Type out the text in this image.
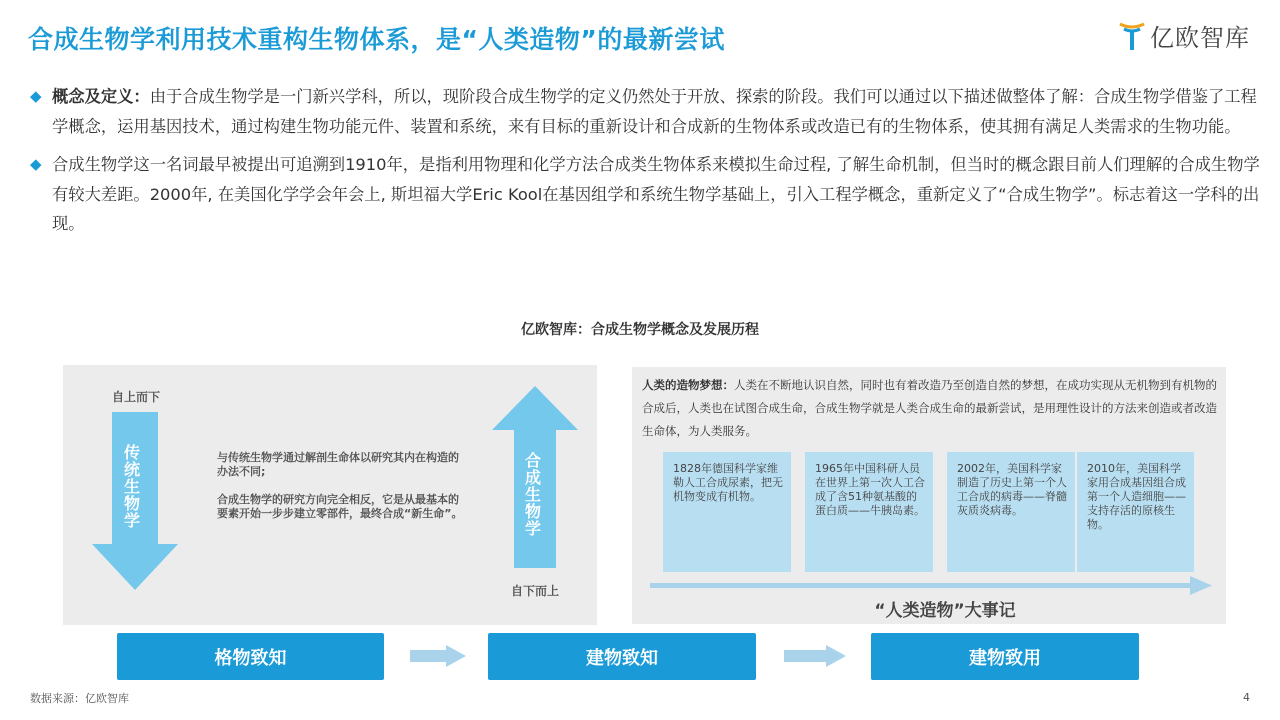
合成生物学利用技术重构生物体系，是“人类造物”的最新尝试	亿欧智库
◆ 概念及定义：由于合成生物学是一门新兴学科，所以，现阶段合成生物学的定义仍然处于开放、探索的阶段。我们可以通过以下描述做整体了解：合成生物学借鉴了工程学概念，运用基因技术，通过构建生物功能元件、装置和系统，来有目标的重新设计和合成新的生物体系或改造已有的生物体系，使其拥有满足人类需求的生物功能。
◆ 合成生物学这一名词最早被提出可追溯到1910年，是指利用物理和化学方法合成类生物体系来模拟生命过程, 了解生命机制，但当时的概念跟目前人们理解的合成生物学有较大差距。2000年, 在美国化学学会年会上, 斯坦福大学Eric Kool在基因组学和系统生物学基础上，引入工程学概念，重新定义了“合成生物学”。标志着这一学科的出现。
亿欧智库：合成生物学概念及发展历程
自上而下
传统生物学

与传统生物学通过解剖生命体以研究其内在构造的办法不同;

合成生物学的研究方向完全相反，它是从最基本的要素开始一步步建立零部件，最终合成“新生命”。

合成生物学
自下而上
人类的造物梦想：人类在不断地认识自然，同时也有着改造乃至创造自然的梦想，在成功实现从无机物到有机物的合成后，人类也在试图合成生命，合成生物学就是人类合成生命的最新尝试，是用理性设计的方法来创造或者改造生命体，为人类服务。
1828年德国科学家维勒人工合成尿素，把无机物变成有机物。
1965年中国科研人员在世界上第一次人工合成了含51种氨基酸的蛋白质——牛胰岛素。
2002年，美国科学家制造了历史上第一个人工合成的病毒——脊髓灰质炎病毒。
2010年，美国科学家用合成基因组合成第一个人造细胞——支持存活的原核生物。
“人类造物”大事记
格物致知	建物致知	建物致用
数据来源：亿欧智库	4
